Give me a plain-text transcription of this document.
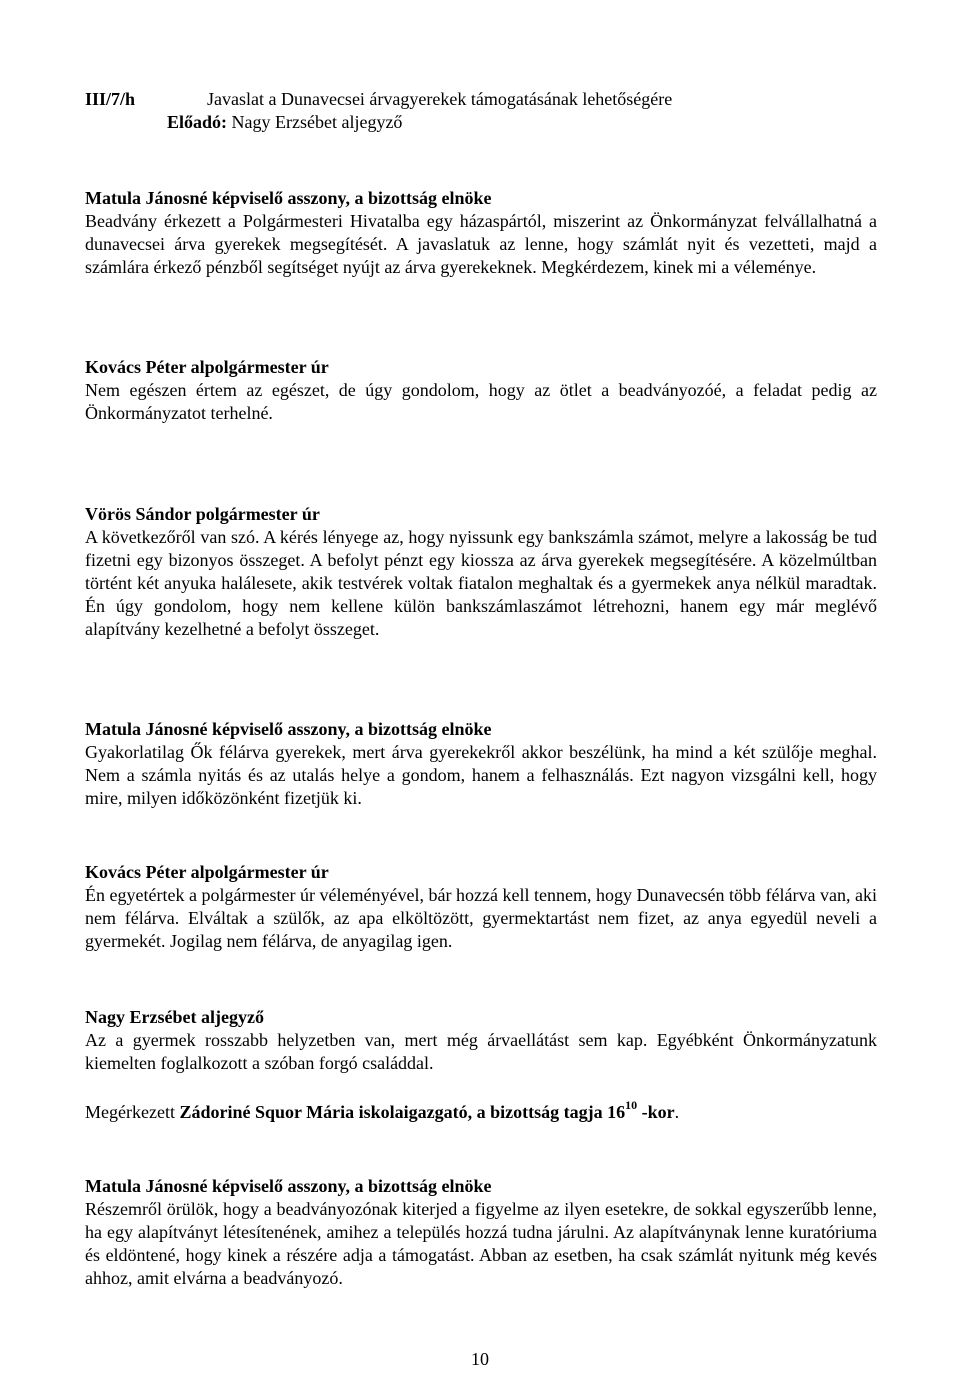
III/7/h	Javaslat a Dunavecsei árvagyerekek támogatásának lehetőségére
Előadó: Nagy Erzsébet aljegyző
Matula Jánosné képviselő asszony, a bizottság elnöke
Beadvány érkezett a Polgármesteri Hivatalba egy házaspártól, miszerint az Önkormányzat felvállalhatná a dunavecsei árva gyerekek megsegítését. A javaslatuk az lenne, hogy számlát nyit és vezetteti, majd a számlára érkező pénzből segítséget nyújt az árva gyerekeknek. Megkérdezem, kinek mi a véleménye.
Kovács Péter alpolgármester úr
Nem egészen értem az egészet, de úgy gondolom, hogy az ötlet a beadványozóé, a feladat pedig az Önkormányzatot terhelné.
Vörös Sándor polgármester úr
A következőről van szó. A kérés lényege az, hogy nyissunk egy bankszámla számot, melyre a lakosság be tud fizetni egy bizonyos összeget. A befolyt pénzt egy kiossza az árva gyerekek megsegítésére. A közelmúltban történt két anyuka halálesete, akik testvérek voltak fiatalon meghaltak és a gyermekek anya nélkül maradtak. Én úgy gondolom, hogy nem kellene külön bankszámlaszámot létrehozni, hanem egy már meglévő alapítvány kezelhetné a befolyt összeget.
Matula Jánosné képviselő asszony, a bizottság elnöke
Gyakorlatilag Ők félárva gyerekek, mert árva gyerekekről akkor beszélünk, ha mind a két szülője meghal. Nem a számla nyitás és az utalás helye a gondom, hanem a felhasználás. Ezt nagyon vizsgálni kell, hogy mire, milyen időközönként fizetjük ki.
Kovács Péter alpolgármester úr
Én egyetértek a polgármester úr véleményével, bár hozzá kell tennem, hogy Dunavecsén több félárva van, aki nem félárva. Elváltak a szülők, az apa elköltözött, gyermektartást nem fizet, az anya egyedül neveli a gyermekét. Jogilag nem félárva, de anyagilag igen.
Nagy Erzsébet aljegyző
Az a gyermek rosszabb helyzetben van, mert még árvaellátást sem kap. Egyébként Önkormányzatunk kiemelten foglalkozott a szóban forgó családdal.
Megérkezett Zádoriné Squor Mária iskolaigazgató, a bizottság tagja $16^{10}$ -kor.
Matula Jánosné képviselő asszony, a bizottság elnöke
Részemről örülök, hogy a beadványozónak kiterjed a figyelme az ilyen esetekre, de sokkal egyszerűbb lenne, ha egy alapítványt létesítenének, amihez a település hozzá tudna járulni. Az alapítványnak lenne kuratóriuma és eldöntené, hogy kinek a részére adja a támogatást. Abban az esetben, ha csak számlát nyitunk még kevés ahhoz, amit elvárna a beadványozó.
10
